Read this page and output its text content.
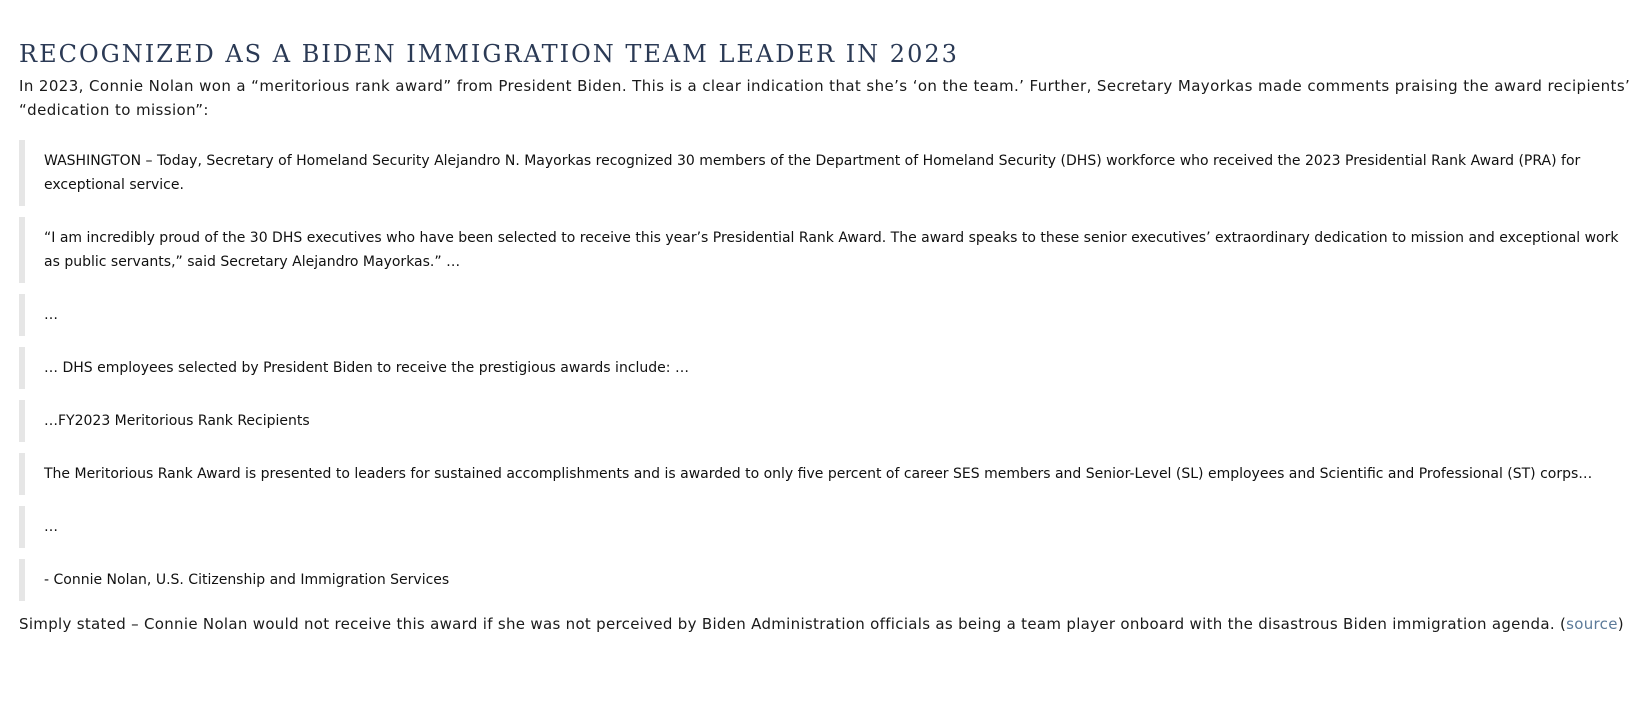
RECOGNIZED AS A BIDEN IMMIGRATION TEAM LEADER IN 2023

In 2023, Connie Nolan won a “meritorious rank award” from President Biden. This is a clear indication that she’s ‘on the team.’ Further, Secretary Mayorkas made comments praising the award recipients’ “dedication to mission”:

WASHINGTON – Today, Secretary of Homeland Security Alejandro N. Mayorkas recognized 30 members of the Department of Homeland Security (DHS) workforce who received the 2023 Presidential Rank Award (PRA) for exceptional service.
“I am incredibly proud of the 30 DHS executives who have been selected to receive this year’s Presidential Rank Award. The award speaks to these senior executives’ extraordinary dedication to mission and exceptional work as public servants,” said Secretary Alejandro Mayorkas.” …
…
… DHS employees selected by President Biden to receive the prestigious awards include: …
…FY2023 Meritorious Rank Recipients
The Meritorious Rank Award is presented to leaders for sustained accomplishments and is awarded to only five percent of career SES members and Senior-Level (SL) employees and Scientific and Professional (ST) corps…
…
- Connie Nolan, U.S. Citizenship and Immigration Services

Simply stated – Connie Nolan would not receive this award if she was not perceived by Biden Administration officials as being a team player onboard with the disastrous Biden immigration agenda. (source)
